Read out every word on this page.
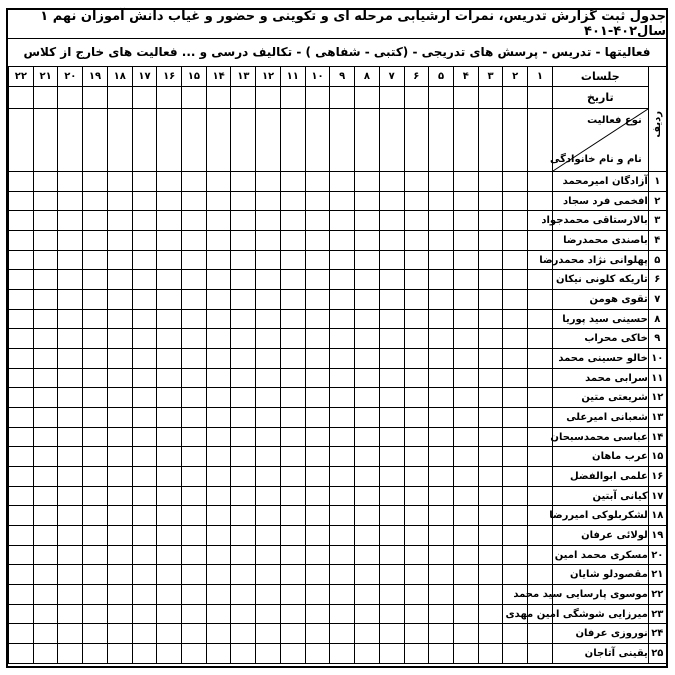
جدول ثبت گزارش تدریس، نمرات ارشیابی مرحله ای و تکوینی و حضور و غیاب دانش آموزان نهم ۱ سال۴۰۲-۴۰۱
فعالیتها - تدریس - پرسش های تدریجی - (کتبی - شفاهی ) - تکالیف درسی و ... فعالیت های خارج از کلاس
ردیف	جلسات	۱	۲	۳	۴	۵	۶	۷	۸	۹	۱۰	۱۱	۱۲	۱۳	۱۴	۱۵	۱۶	۱۷	۱۸	۱۹	۲۰	۲۱	۲۲
	تاریخ																						

	نوع فعالیت
نام و نام خانوادگی																						

۱	آزادگان امیرمحمد																						
۲	افخمی فرد سجاد																						
۳	بالارستاقی محمدجواد																						
۴	باصندی محمدرضا																						
۵	پهلوانی نژاد محمدرضا																						
۶	تاریکه کلونی نیکان																						
۷	تقوی هومن																						
۸	حسینی سید پوریا																						
۹	خاکی محراب																						
۱۰	خالو حسینی محمد																						
۱۱	سرابی محمد																						
۱۲	شریعتی متین																						
۱۳	شعبانی امیرعلی																						
۱۴	عباسی محمدسبحان																						
۱۵	عرب ماهان																						
۱۶	علمی ابوالفضل																						
۱۷	کیانی آبتین																						
۱۸	لشکربلوکی امیررضا																						
۱۹	لولائی عرفان																						
۲۰	مسکری محمد امین																						
۲۱	مقصودلو شایان																						
۲۲	موسوی پارسایی سید محمد																						
۲۳	میرزایی شوشگی امین مهدی																						
۲۴	نوروزی عرفان																						
۲۵	یقینی آتاجان																						
